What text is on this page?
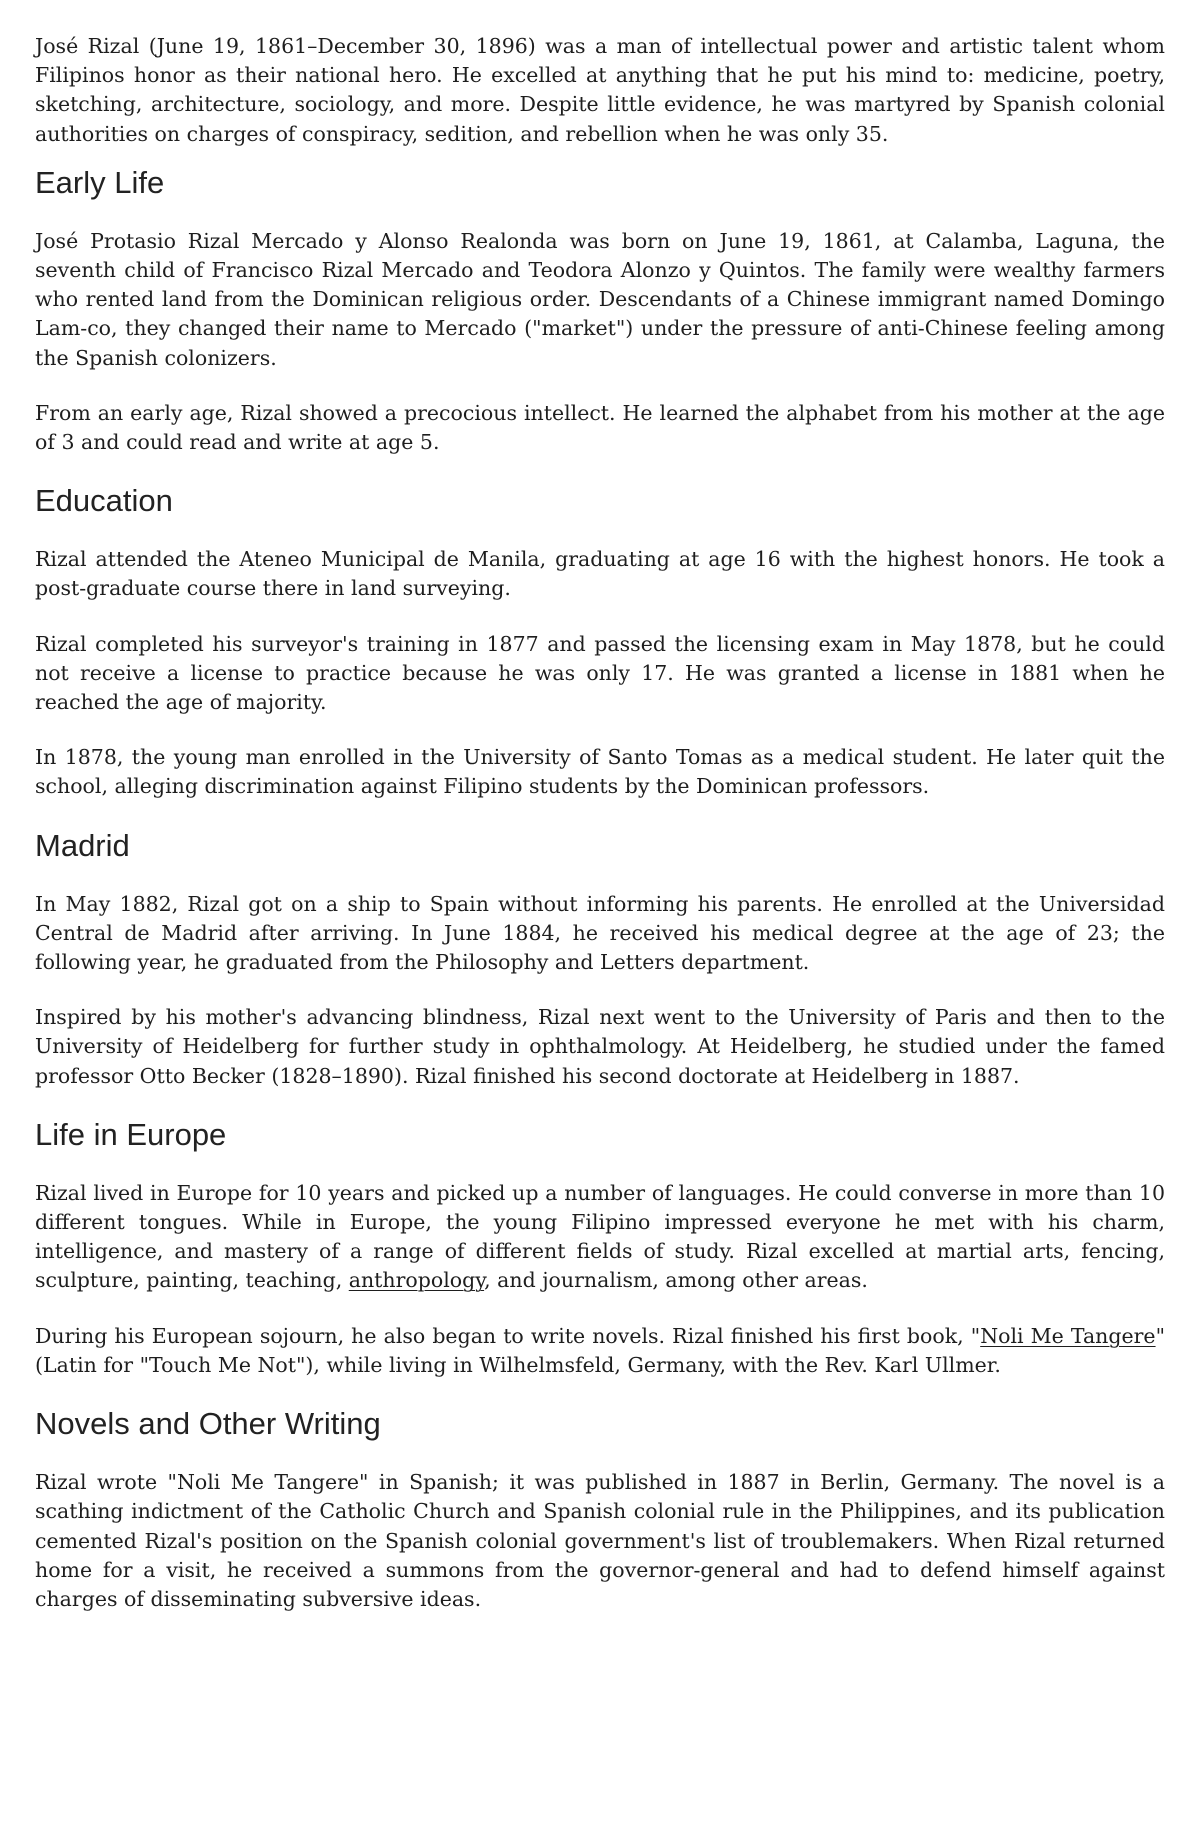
José Rizal (June 19, 1861–December 30, 1896) was a man of intellectual power and artistic talent whom Filipinos honor as their national hero. He excelled at anything that he put his mind to: medicine, poetry, sketching, architecture, sociology, and more. Despite little evidence, he was martyred by Spanish colonial authorities on charges of conspiracy, sedition, and rebellion when he was only 35.

Early Life

José Protasio Rizal Mercado y Alonso Realonda was born on June 19, 1861, at Calamba, Laguna, the seventh child of Francisco Rizal Mercado and Teodora Alonzo y Quintos. The family were wealthy farmers who rented land from the Dominican religious order. Descendants of a Chinese immigrant named Domingo Lam-co, they changed their name to Mercado ("market") under the pressure of anti-Chinese feeling among the Spanish colonizers.

From an early age, Rizal showed a precocious intellect. He learned the alphabet from his mother at the age of 3 and could read and write at age 5.

Education

Rizal attended the Ateneo Municipal de Manila, graduating at age 16 with the highest honors. He took a post-graduate course there in land surveying.

Rizal completed his surveyor's training in 1877 and passed the licensing exam in May 1878, but he could not receive a license to practice because he was only 17. He was granted a license in 1881 when he reached the age of majority.

In 1878, the young man enrolled in the University of Santo Tomas as a medical student. He later quit the school, alleging discrimination against Filipino students by the Dominican professors.

Madrid

In May 1882, Rizal got on a ship to Spain without informing his parents. He enrolled at the Universidad Central de Madrid after arriving. In June 1884, he received his medical degree at the age of 23; the following year, he graduated from the Philosophy and Letters department.

Inspired by his mother's advancing blindness, Rizal next went to the University of Paris and then to the University of Heidelberg for further study in ophthalmology. At Heidelberg, he studied under the famed professor Otto Becker (1828–1890). Rizal finished his second doctorate at Heidelberg in 1887.

Life in Europe

Rizal lived in Europe for 10 years and picked up a number of languages. He could converse in more than 10 different tongues. While in Europe, the young Filipino impressed everyone he met with his charm, intelligence, and mastery of a range of different fields of study. Rizal excelled at martial arts, fencing, sculpture, painting, teaching, anthropology, and journalism, among other areas.

During his European sojourn, he also began to write novels. Rizal finished his first book, "Noli Me Tangere" (Latin for "Touch Me Not"), while living in Wilhelmsfeld, Germany, with the Rev. Karl Ullmer.

Novels and Other Writing

Rizal wrote "Noli Me Tangere" in Spanish; it was published in 1887 in Berlin, Germany. The novel is a scathing indictment of the Catholic Church and Spanish colonial rule in the Philippines, and its publication cemented Rizal's position on the Spanish colonial government's list of troublemakers. When Rizal returned home for a visit, he received a summons from the governor-general and had to defend himself against charges of disseminating subversive ideas.
